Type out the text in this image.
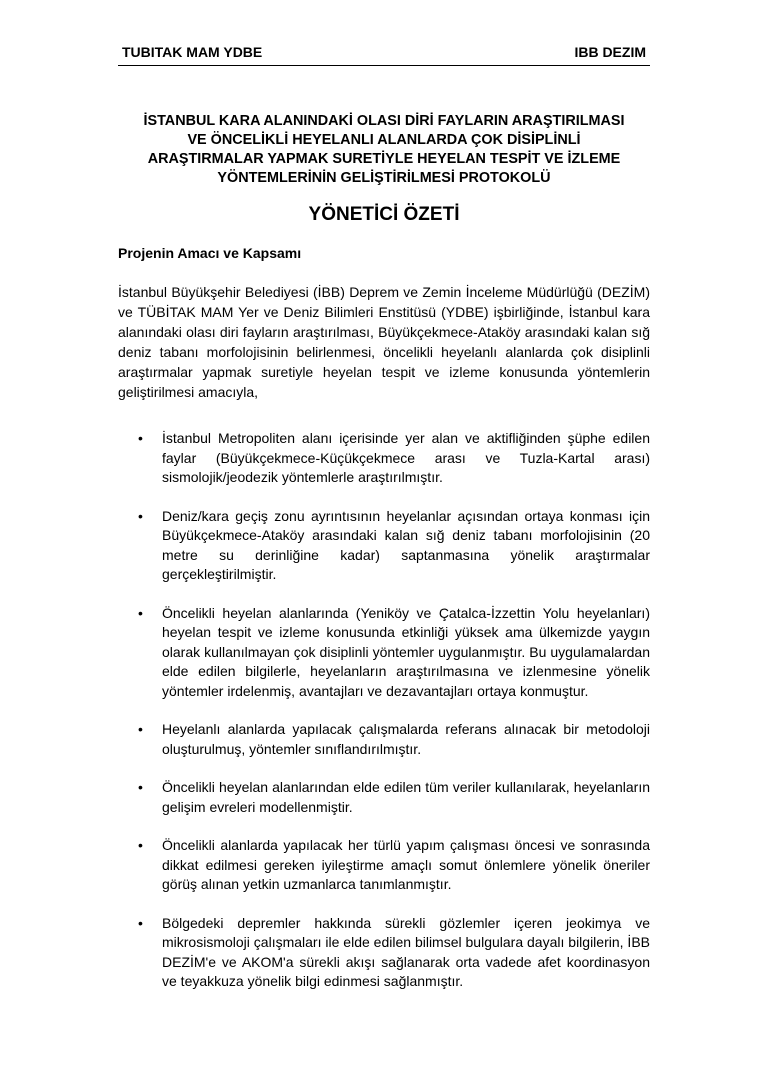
TUBITAK MAM YDBE	IBB DEZIM
İSTANBUL KARA ALANINDAKİ OLASI DİRİ FAYLARIN ARAŞTIRILMASI
VE ÖNCELİKLİ HEYELANLI ALANLARDA ÇOK DİSİPLİNLİ
ARAŞTIRMALAR YAPMAK SURETİYLE HEYELAN TESPİT VE İZLEME
YÖNTEMLERİNİN GELİŞTİRİLMESİ PROTOKOLÜ
YÖNETİCİ ÖZETİ
Projenin Amacı ve Kapsamı
İstanbul Büyükşehir Belediyesi (İBB) Deprem ve Zemin İnceleme Müdürlüğü (DEZİM) ve TÜBİTAK MAM Yer ve Deniz Bilimleri Enstitüsü (YDBE) işbirliğinde, İstanbul kara alanındaki olası diri fayların araştırılması, Büyükçekmece-Ataköy arasındaki kalan sığ deniz tabanı morfolojisinin belirlenmesi, öncelikli heyelanlı alanlarda çok disiplinli araştırmalar yapmak suretiyle heyelan tespit ve izleme konusunda yöntemlerin geliştirilmesi amacıyla,
• İstanbul Metropoliten alanı içerisinde yer alan ve aktifliğinden şüphe edilen faylar (Büyükçekmece-Küçükçekmece arası ve Tuzla-Kartal arası) sismolojik/jeodezik yöntemlerle araştırılmıştır.
• Deniz/kara geçiş zonu ayrıntısının heyelanlar açısından ortaya konması için Büyükçekmece-Ataköy arasındaki kalan sığ deniz tabanı morfolojisinin (20 metre su derinliğine kadar) saptanmasına yönelik araştırmalar gerçekleştirilmiştir.
• Öncelikli heyelan alanlarında (Yeniköy ve Çatalca-İzzettin Yolu heyelanları) heyelan tespit ve izleme konusunda etkinliği yüksek ama ülkemizde yaygın olarak kullanılmayan çok disiplinli yöntemler uygulanmıştır. Bu uygulamalardan elde edilen bilgilerle, heyelanların araştırılmasına ve izlenmesine yönelik yöntemler irdelenmiş, avantajları ve dezavantajları ortaya konmuştur.
• Heyelanlı alanlarda yapılacak çalışmalarda referans alınacak bir metodoloji oluşturulmuş, yöntemler sınıflandırılmıştır.
• Öncelikli heyelan alanlarından elde edilen tüm veriler kullanılarak, heyelanların gelişim evreleri modellenmiştir.
• Öncelikli alanlarda yapılacak her türlü yapım çalışması öncesi ve sonrasında dikkat edilmesi gereken iyileştirme amaçlı somut önlemlere yönelik öneriler görüş alınan yetkin uzmanlarca tanımlanmıştır.
• Bölgedeki depremler hakkında sürekli gözlemler içeren jeokimya ve mikrosismoloji çalışmaları ile elde edilen bilimsel bulgulara dayalı bilgilerin, İBB DEZİM'e ve AKOM'a sürekli akışı sağlanarak orta vadede afet koordinasyon ve teyakkuza yönelik bilgi edinmesi sağlanmıştır.
